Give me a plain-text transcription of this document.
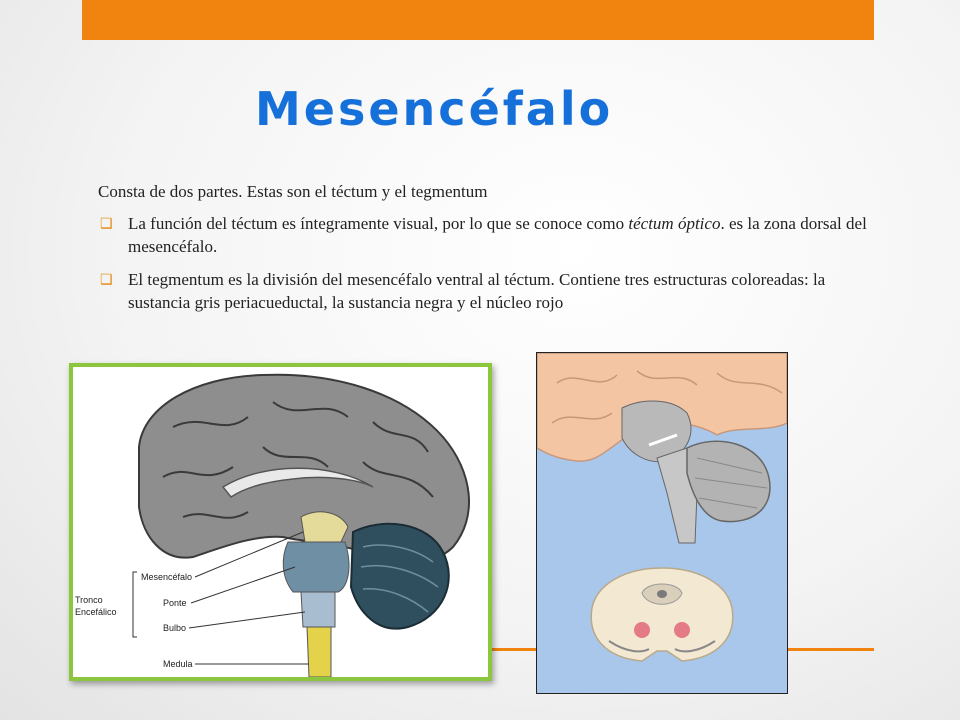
Mesencéfalo
Consta de dos partes. Estas son el téctum y el tegmentum
❑ La función del téctum es íntegramente visual, por lo que se conoce como téctum óptico. es la zona dorsal del mesencéfalo.
❑ El tegmentum es la división del mesencéfalo ventral al téctum. Contiene tres estructuras coloreadas: la sustancia gris periacueductal, la sustancia negra y el núcleo rojo
Tronco
Encefálico
Mesencéfalo
Ponte
Bulbo
Medula
